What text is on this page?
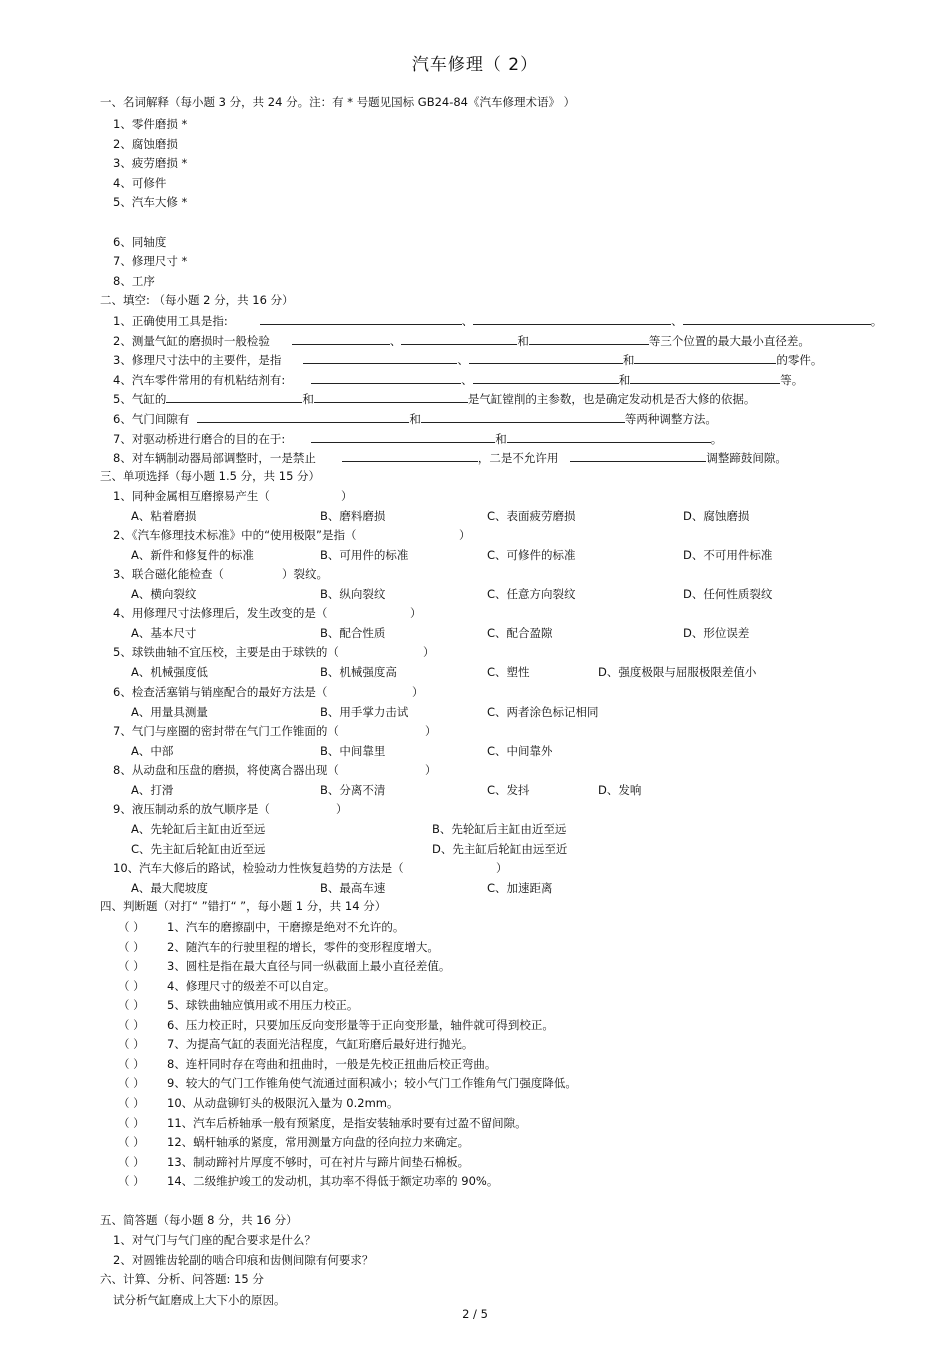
汽车修理（ 2）
一、名词解释（每小题 3 分，共 24 分。注：有 * 号题见国标 GB24-84《汽车修理术语》 ）
1、零件磨损 *
2、腐蚀磨损
3、疲劳磨损 *
4、可修件
5、汽车大修 *
6、同轴度
7、修理尺寸 *
8、工序
二、填空: （每小题 2 分，共 16 分）
1、正确使用工具是指:	、	、	。
2、测量气缸的磨损时一般检验	、	和	等三个位置的最大最小直径差。
3、修理尺寸法中的主要件，是指	、	和	的零件。
4、汽车零件常用的有机粘结剂有:	、	和	等。
5、气缸的	和	是气缸镗削的主参数，也是确定发动机是否大修的依据。
6、气门间隙有	和	等两种调整方法。
7、对驱动桥进行磨合的目的在于:	和	。
8、对车辆制动器局部调整时，一是禁止	，二是不允许用	调整蹄鼓间隙。
三、单项选择（每小题 1.5 分，共 15 分）
1、同种金属相互磨擦易产生（	）
A、粘着磨损	B、磨料磨损	C、表面疲劳磨损	D、腐蚀磨损
2、《汽车修理技术标准》中的“使用极限”是指（	）
A、新件和修复件的标准	B、可用件的标准	C、可修件的标准	D、不可用件标准
3、联合磁化能检查（	）裂纹。
A、横向裂纹	B、纵向裂纹	C、任意方向裂纹	D、任何性质裂纹
4、用修理尺寸法修理后，发生改变的是（	）
A、基本尺寸	B、配合性质	C、配合盈隙	D、形位误差
5、球铁曲轴不宜压校，主要是由于球铁的（	）
A、机械强度低	B、机械强度高	C、塑性	D、强度极限与屈服极限差值小
6、检查活塞销与销座配合的最好方法是（	）
A、用量具测量	B、用手掌力击试	C、两者涂色标记相同
7、气门与座圈的密封带在气门工作锥面的（	）
A、中部	B、中间靠里	C、中间靠外
8、从动盘和压盘的磨损，将使离合器出现（	）
A、打滑	B、分离不清	C、发抖	D、发响
9、液压制动系的放气顺序是（	）
A、先轮缸后主缸由近至远	B、先轮缸后主缸由近至远
C、先主缸后轮缸由近至远	D、先主缸后轮缸由远至近
10、汽车大修后的路试，检验动力性恢复趋势的方法是（	）
A、最大爬坡度	B、最高车速	C、加速距离
四、判断题（对打“ ”错打“ ”，每小题 1 分，共 14 分）
（ ） 1、汽车的磨擦副中，干磨擦是绝对不允许的。
（ ） 2、随汽车的行驶里程的增长，零件的变形程度增大。
（ ） 3、圆柱是指在最大直径与同一纵截面上最小直径差值。
（ ） 4、修理尺寸的级差不可以自定。
（ ） 5、球铁曲轴应慎用或不用压力校正。
（ ） 6、压力校正时，只要加压反向变形量等于正向变形量，轴件就可得到校正。
（ ） 7、为提高气缸的表面光洁程度，气缸珩磨后最好进行抛光。
（ ） 8、连杆同时存在弯曲和扭曲时，一般是先校正扭曲后校正弯曲。
（ ） 9、较大的气门工作锥角使气流通过面积减小；较小气门工作锥角气门强度降低。
（ ） 10、从动盘铆钉头的极限沉入量为 0.2mm。
（ ） 11、汽车后桥轴承一般有预紧度，是指安装轴承时要有过盈不留间隙。
（ ） 12、蜗杆轴承的紧度，常用测量方向盘的径向拉力来确定。
（ ） 13、制动蹄衬片厚度不够时，可在衬片与蹄片间垫石棉板。
（ ） 14、二级维护竣工的发动机，其功率不得低于额定功率的 90%。
五、简答题（每小题 8 分，共 16 分）
1、对气门与气门座的配合要求是什么？
2、对圆锥齿轮副的啮合印痕和齿侧间隙有何要求？
六、计算、分析、问答题: 15 分
试分析气缸磨成上大下小的原因。
2 / 5
